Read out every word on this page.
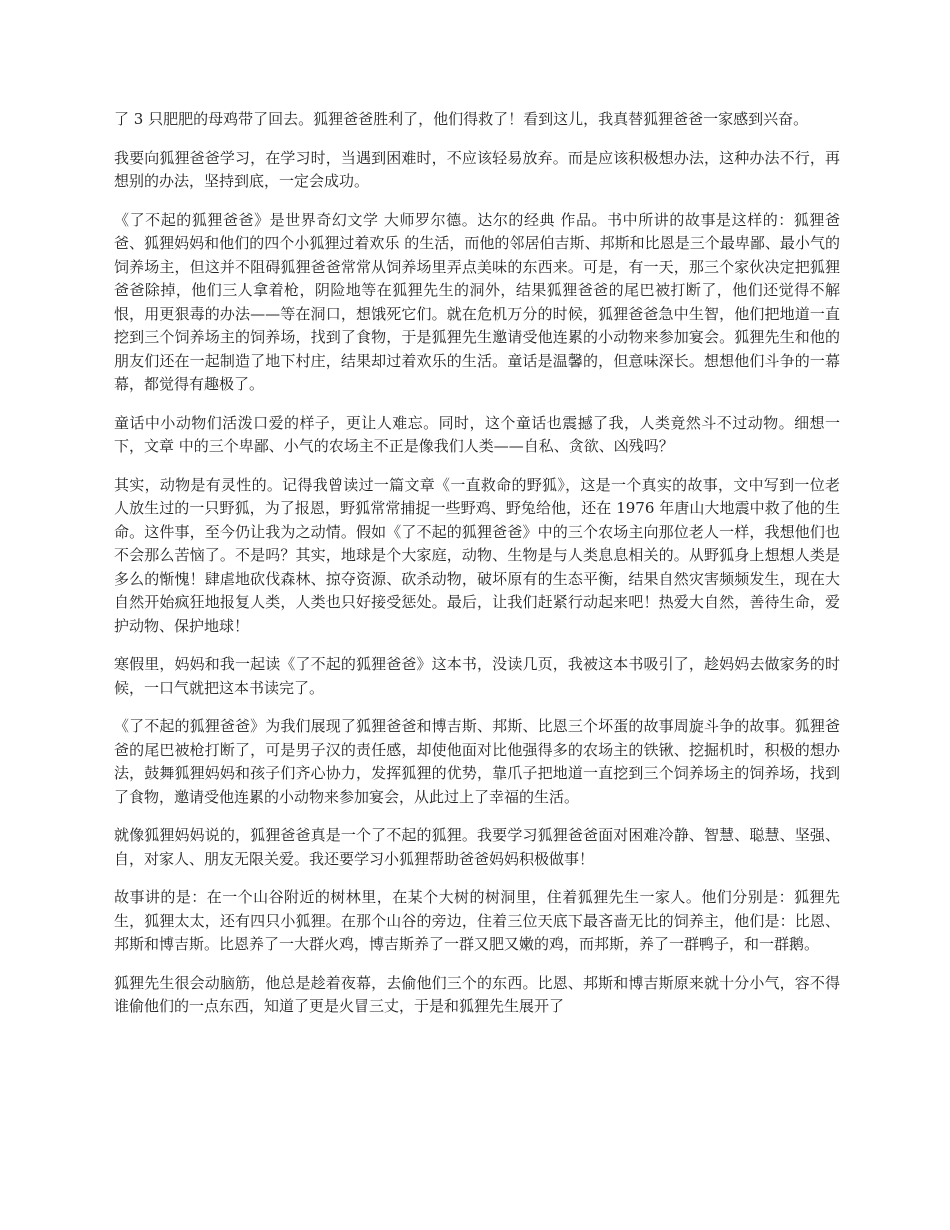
了 3 只肥肥的母鸡带了回去。狐狸爸爸胜利了，他们得救了！看到这儿，我真替狐狸爸爸一家感到兴奋。

我要向狐狸爸爸学习，在学习时，当遇到困难时，不应该轻易放弃。而是应该积极想办法，这种办法不行，再想别的办法，坚持到底，一定会成功。

《了不起的狐狸爸爸》是世界奇幻文学 大师罗尔德。达尔的经典 作品。书中所讲的故事是这样的：狐狸爸爸、狐狸妈妈和他们的四个小狐狸过着欢乐 的生活，而他的邻居伯吉斯、邦斯和比恩是三个最卑鄙、最小气的饲养场主，但这并不阻碍狐狸爸爸常常从饲养场里弄点美味的东西来。可是，有一天，那三个家伙决定把狐狸爸爸除掉，他们三人拿着枪，阴险地等在狐狸先生的洞外，结果狐狸爸爸的尾巴被打断了，他们还觉得不解恨，用更狠毒的办法——等在洞口，想饿死它们。就在危机万分的时候，狐狸爸爸急中生智，他们把地道一直挖到三个饲养场主的饲养场，找到了食物，于是狐狸先生邀请受他连累的小动物来参加宴会。狐狸先生和他的朋友们还在一起制造了地下村庄，结果却过着欢乐的生活。童话是温馨的，但意味深长。想想他们斗争的一幕幕，都觉得有趣极了。

童话中小动物们活泼口爱的样子，更让人难忘。同时，这个童话也震撼了我，人类竟然斗不过动物。细想一下，文章 中的三个卑鄙、小气的农场主不正是像我们人类——自私、贪欲、凶残吗？

其实，动物是有灵性的。记得我曾读过一篇文章《一直救命的野狐》，这是一个真实的故事，文中写到一位老人放生过的一只野狐，为了报恩，野狐常常捕捉一些野鸡、野兔给他，还在 1976 年唐山大地震中救了他的生命。这件事，至今仍让我为之动情。假如《了不起的狐狸爸爸》中的三个农场主向那位老人一样，我想他们也不会那么苦恼了。不是吗？其实，地球是个大家庭，动物、生物是与人类息息相关的。从野狐身上想想人类是多么的惭愧！肆虐地砍伐森林、掠夺资源、砍杀动物，破坏原有的生态平衡，结果自然灾害频频发生，现在大自然开始疯狂地报复人类，人类也只好接受惩处。最后，让我们赶紧行动起来吧！热爱大自然，善待生命，爱护动物、保护地球！

寒假里，妈妈和我一起读《了不起的狐狸爸爸》这本书，没读几页，我被这本书吸引了，趁妈妈去做家务的时候，一口气就把这本书读完了。

《了不起的狐狸爸爸》为我们展现了狐狸爸爸和博吉斯、邦斯、比恩三个坏蛋的故事周旋斗争的故事。狐狸爸爸的尾巴被枪打断了，可是男子汉的责任感，却使他面对比他强得多的农场主的铁锹、挖掘机时，积极的想办法，鼓舞狐狸妈妈和孩子们齐心协力，发挥狐狸的优势，靠爪子把地道一直挖到三个饲养场主的饲养场，找到了食物，邀请受他连累的小动物来参加宴会，从此过上了幸福的生活。

就像狐狸妈妈说的，狐狸爸爸真是一个了不起的狐狸。我要学习狐狸爸爸面对困难冷静、智慧、聪慧、坚强、自，对家人、朋友无限关爱。我还要学习小狐狸帮助爸爸妈妈积极做事！

故事讲的是：在一个山谷附近的树林里，在某个大树的树洞里，住着狐狸先生一家人。他们分别是：狐狸先生，狐狸太太，还有四只小狐狸。在那个山谷的旁边，住着三位天底下最吝啬无比的饲养主，他们是：比恩、邦斯和博吉斯。比恩养了一大群火鸡，博吉斯养了一群又肥又嫩的鸡，而邦斯，养了一群鸭子，和一群鹅。

狐狸先生很会动脑筋，他总是趁着夜幕，去偷他们三个的东西。比恩、邦斯和博吉斯原来就十分小气，容不得谁偷他们的一点东西，知道了更是火冒三丈，于是和狐狸先生展开了
